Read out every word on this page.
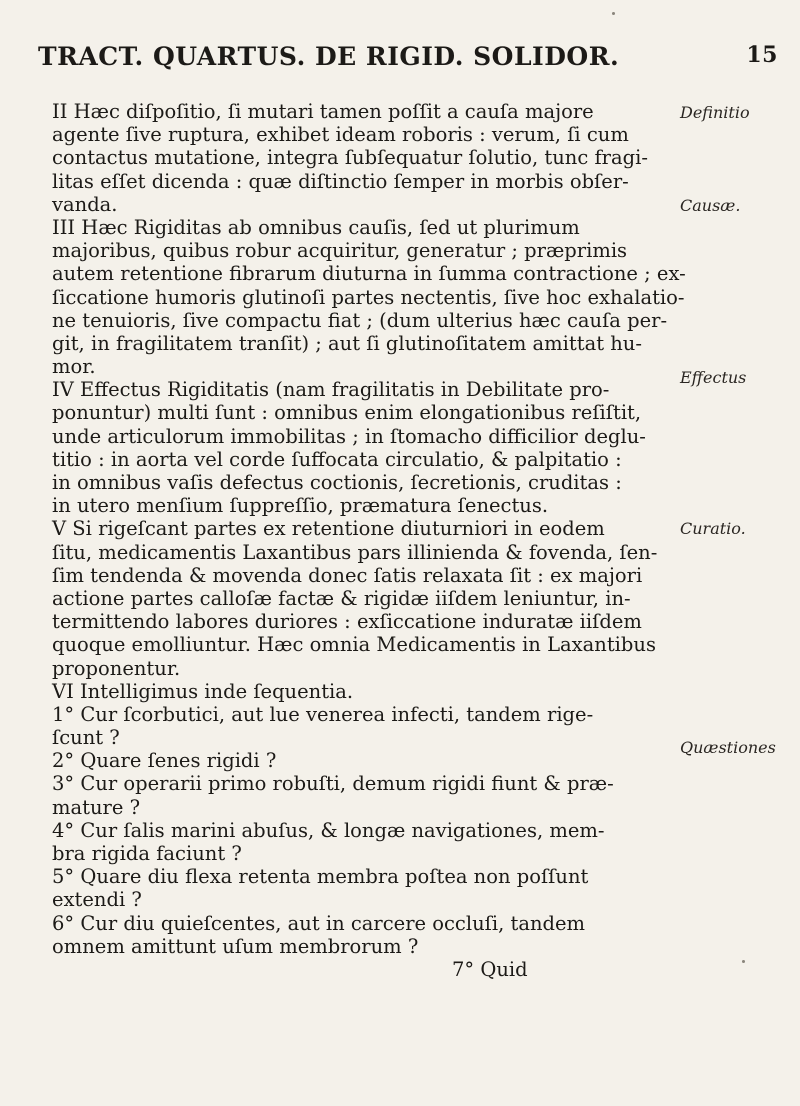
TRACT. QUARTUS. DE RIGID. SOLIDOR.	15
Definitio
Causæ.
Effectus
Curatio.
Quæstiones
II Hæc diſpoſitio, ſi mutari tamen poſſit a cauſa majore
agente ſive ruptura, exhibet ideam roboris : verum, ſi cum
contactus mutatione, integra ſubſequatur ſolutio, tunc fragi-
litas eſſet dicenda : quæ diſtinctio ſemper in morbis obſer-
vanda.
III Hæc Rigiditas ab omnibus cauſis, ſed ut plurimum
majoribus, quibus robur acquiritur, generatur ; præprimis
autem retentione fibrarum diuturna in ſumma contractione ; ex-
ſiccatione humoris glutinoſi partes nectentis, ſive hoc exhalatio-
ne tenuioris, ſive compactu fiat ; (dum ulterius hæc cauſa per-
git, in fragilitatem tranſit) ; aut ſi glutinoſitatem amittat hu-
mor.
IV Effectus Rigiditatis (nam fragilitatis in Debilitate pro-
ponuntur) multi ſunt : omnibus enim elongationibus reſiſtit,
unde articulorum immobilitas ; in ſtomacho difficilior deglu-
titio : in aorta vel corde ſuffocata circulatio, & palpitatio :
in omnibus vaſis defectus coctionis, ſecretionis, cruditas :
in utero menſium ſuppreſſio, præmatura ſenectus.
V Si rigeſcant partes ex retentione diuturniori in eodem
ſitu, medicamentis Laxantibus pars illinienda & fovenda, ſen-
ſim tendenda & movenda donec ſatis relaxata ſit : ex majori
actione partes calloſæ factæ & rigidæ iiſdem leniuntur, in-
termittendo labores duriores : exſiccatione induratæ iiſdem
quoque emolliuntur. Hæc omnia Medicamentis in Laxantibus
proponentur.
VI Intelligimus inde ſequentia.
1° Cur ſcorbutici, aut lue venerea infecti, tandem rige-
ſcunt ?
2° Quare ſenes rigidi ?
3° Cur operarii primo robuſti, demum rigidi fiunt & præ-
mature ?
4° Cur ſalis marini abuſus, & longæ navigationes, mem-
bra rigida faciunt ?
5° Quare diu flexa retenta membra poſtea non poſſunt
extendi ?
6° Cur diu quieſcentes, aut in carcere occluſi, tandem
omnem amittunt uſum membrorum ?
7° Quid
